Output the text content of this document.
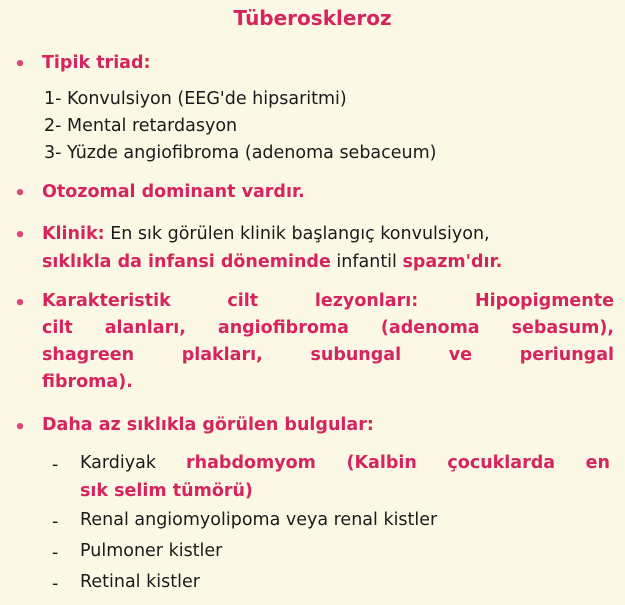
Tüberoskleroz
• Tipik triad:
1- Konvulsiyon (EEG'de hipsaritmi)
2- Mental retardasyon
3- Yüzde angiofibroma (adenoma sebaceum)
• Otozomal dominant vardır.
• Klinik: En sık görülen klinik başlangıç konvulsiyon,
sıklıkla da infansi döneminde infantil spazm'dır.
• Karakteristik cilt lezyonları: Hipopigmente
cilt alanları, angiofibroma (adenoma sebasum),
shagreen plakları, subungal ve periungal
fibroma).
• Daha az sıklıkla görülen bulgular:
- Kardiyak rhabdomyom (Kalbin çocuklarda en
sık selim tümörü)
- Renal angiomyolipoma veya renal kistler
- Pulmoner kistler
- Retinal kistler
